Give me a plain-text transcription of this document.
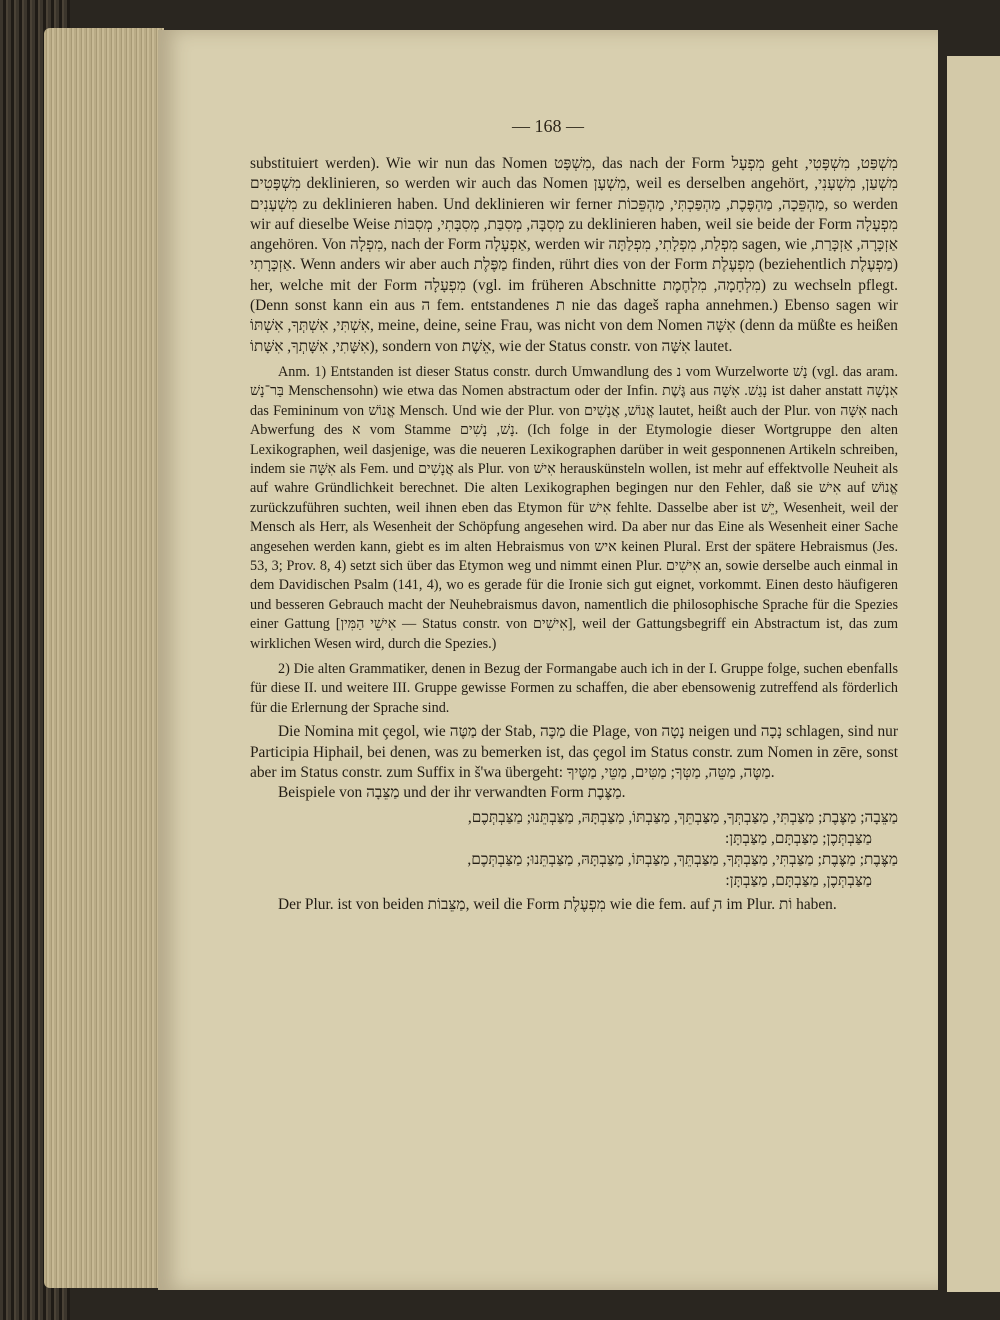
— 168 —

substituiert werden). Wie wir nun das Nomen מִשְׁפָּט, das nach der Form מִפְעָל geht מִשְׁפַּט, מִשְׁפָּטִי, מִשְׁפָּטִים deklinieren, so werden wir auch das Nomen מִשְׁעָן, weil es derselben angehört, מִשְׁעַן, מִשְׁעָנִי, מִשְׁעָנִים zu deklinieren haben. Und deklinieren wir ferner מַהְפֵּכָה, מַהְפֶּכֶת, מַהְפַּכְתִּי, מַהְפֵּכוֹת, so werden wir auf dieselbe Weise מְסִבָּה, מְסִבַּת, מְסִבָּתִי, מְסִבּוֹת zu deklinieren haben, weil sie beide der Form מִפְעָלָה angehören. Von מִפְלָה, nach der Form אַפְעָלָה, werden wir מִפְלַת, מִפְלָתִי, מִפְלַתָּה sagen, wie אַזְכָּרָה, אַזְכָּרַת, אַזְכָּרָתִי. Wenn anders wir aber auch מַפֶּלֶת finden, rührt dies von der Form מִפְעֶלֶת (beziehentlich מַפְעֶלֶת) her, welche mit der Form מִפְעָלָה (vgl. im früheren Abschnitte מִלְחָמָה, מִלְחֶמֶת) zu wechseln pflegt. (Denn sonst kann ein aus ה fem. entstandenes ת nie das dageš rapha annehmen.) Ebenso sagen wir אִשְׁתִּי, אִשְׁתְּךָ, אִשְׁתּוֹ, meine, deine, seine Frau, was nicht von dem Nomen אִשָּׁה (denn da müßte es heißen אִשָּׁתִי, אִשָּׁתְךָ, אִשָּׁתוֹ), sondern von אֵשֶׁת, wie der Status constr. von אִשָּׁה lautet.

Anm. 1) Entstanden ist dieser Status constr. durch Umwandlung des נ vom Wurzelworte נָשׁ (vgl. das aram. בַּר־נָשׁ Menschensohn) wie etwa das Nomen abstractum oder der Infin. גֶּשֶׁת aus נָגַשׁ. אִשָּׁה ist daher anstatt אִנְשָׁה das Femininum von אֱנוֹשׁ Mensch. Und wie der Plur. von אֱנוֹשׁ, אֲנָשִׁים lautet, heißt auch der Plur. von אִשָּׁה nach Abwerfung des א vom Stamme נָשׁ, נָשִׁים. (Ich folge in der Etymologie dieser Wortgruppe den alten Lexikographen, weil dasjenige, was die neueren Lexikographen darüber in weit gesponnenen Artikeln schreiben, indem sie אִשָּׁה als Fem. und אֲנָשִׁים als Plur. von אִישׁ herauskünsteln wollen, ist mehr auf effektvolle Neuheit als auf wahre Gründlichkeit berechnet. Die alten Lexikographen begingen nur den Fehler, daß sie אִישׁ auf אֱנוֹשׁ zurückzuführen suchten, weil ihnen eben das Etymon für אִישׁ fehlte. Dasselbe aber ist יֵשׁ, Wesenheit, weil der Mensch als Herr, als Wesenheit der Schöpfung angesehen wird. Da aber nur das Eine als Wesenheit einer Sache angesehen werden kann, giebt es im alten Hebraismus von איש keinen Plural. Erst der spätere Hebraismus (Jes. 53, 3; Prov. 8, 4) setzt sich über das Etymon weg und nimmt einen Plur. אִישִׁים an, sowie derselbe auch einmal in dem Davidischen Psalm (141, 4), wo es gerade für die Ironie sich gut eignet, vorkommt. Einen desto häufigeren und besseren Gebrauch macht der Neuhebraismus davon, namentlich die philosophische Sprache für die Spezies einer Gattung [אִישֵׁי הַמִּין — Status constr. von אִישִׁים], weil der Gattungsbegriff ein Abstractum ist, das zum wirklichen Wesen wird, durch die Spezies.)

2) Die alten Grammatiker, denen in Bezug der Formangabe auch ich in der I. Gruppe folge, suchen ebenfalls für diese II. und weitere III. Gruppe gewisse Formen zu schaffen, die aber ebensowenig zutreffend als förderlich für die Erlernung der Sprache sind.

Die Nomina mit çegol, wie מַטֶּה der Stab, מַכֶּה die Plage, von נָטָה neigen und נָכָה schlagen, sind nur Participia Hiphail, bei denen, was zu bemerken ist, das çegol im Status constr. zum Nomen in zēre, sonst aber im Status constr. zum Suffix in š'wa übergeht: מַטֶּה, מַטֵּה, מַטְּךָ; מַטִּים, מַטֵּי, מַטֶּיךָ.

Beispiele von מַצֵּבָה und der ihr verwandten Form מַצֶּבֶת.

מַצֵּבָה; מַצֶּבֶת; מַצַּבְתִּי, מַצַּבְתְּךָ, מַצַּבְתֵּךְ, מַצַּבְתּוֹ, מַצַּבְתָּהּ, מַצַּבְתֵּנוּ; מַצַּבְתְּכֶם,
מַצַּבְתְּכֶן; מַצַּבְתָּם, מַצַּבְתָּן:
מַצֶּבֶת; מַצֶּבֶת; מַצַּבְתִּי, מַצַּבְתְּךָ, מַצַּבְתֵּךְ, מַצַּבְתּוֹ, מַצַּבְתָּהּ, מַצַּבְתֵּנוּ; מַצַּבְתְּכֶם,
מַצַּבְתְּכֶן, מַצַּבְתָּם, מַצַּבְתָּן:

Der Plur. ist von beiden מַצֵּבוֹת, weil die Form מִפְעֶלֶת wie die fem. auf ָה im Plur. וֹת haben.
